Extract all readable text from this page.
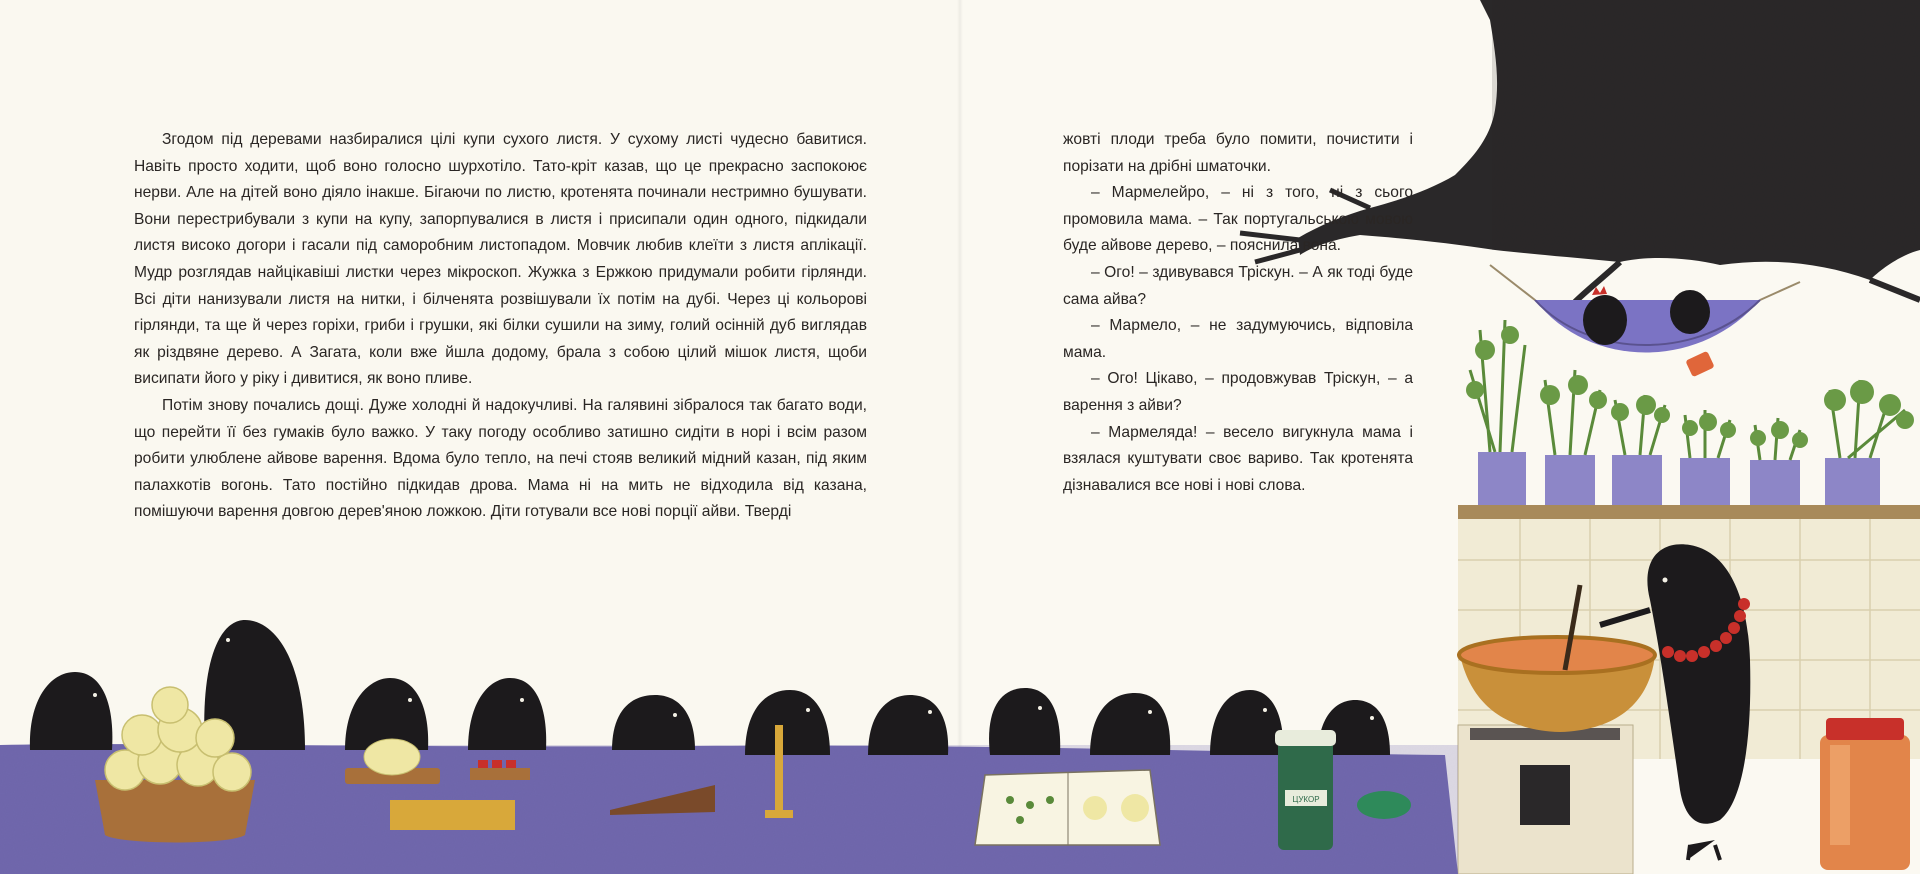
ЦУКОР

Згодом під деревами назбиралися цілі купи сухого листя. У сухому листі чудесно бавитися. Навіть просто ходити, щоб воно голосно шурхотіло. Тато-кріт казав, що це прекрасно заспокоює нерви. Але на дітей воно діяло інакше. Бігаючи по листю, кротенята починали нестримно бушувати. Вони перестрибували з купи на купу, запорпувалися в листя і присипали один одного, підкидали листя високо догори і гасали під саморобним листопадом. Мовчик любив клеїти з листя аплікації. Мудр розглядав найцікавіші листки через мікроскоп. Жужка з Ержкою придумали робити гірлянди. Всі діти нанизували листя на нитки, і білченята розвішували їх потім на дубі. Через ці кольорові гірлянди, та ще й через горіхи, гриби і грушки, які білки сушили на зиму, голий осінній дуб виглядав як різдвяне дерево. А Загата, коли вже йшла додому, брала з собою цілий мішок листя, щоби висипати його у ріку і дивитися, як воно пливе.

Потім знову почались дощі. Дуже холодні й надокучливі. На галявині зібралося так багато води, що перейти її без гумаків було важко. У таку погоду особливо затишно сидіти в норі і всім разом робити улюблене айвове варення. Вдома було тепло, на печі стояв великий мідний казан, під яким палахкотів вогонь. Тато постійно підкидав дрова. Мама ні на мить не відходила від казана, помішуючи варення довгою дерев'яною ложкою. Діти готували все нові порції айви. Тверді

жовті плоди треба було помити, почистити і порізати на дрібні шматочки.

– Мармелейро, – ні з того, ні з сього промовила мама. – Так португальською мовою буде айвове дерево, – пояснила вона.

– Ого! – здивувався Тріскун. – А як тоді буде сама айва?

– Мармело, – не задумуючись, відповіла мама.

– Ого! Цікаво, – продовжував Тріскун, – а варення з айви?

– Мармелядa! – весело вигукнула мама і взялася куштувати своє варивo. Так кротенята дізнавалися все нові і нові слова.
